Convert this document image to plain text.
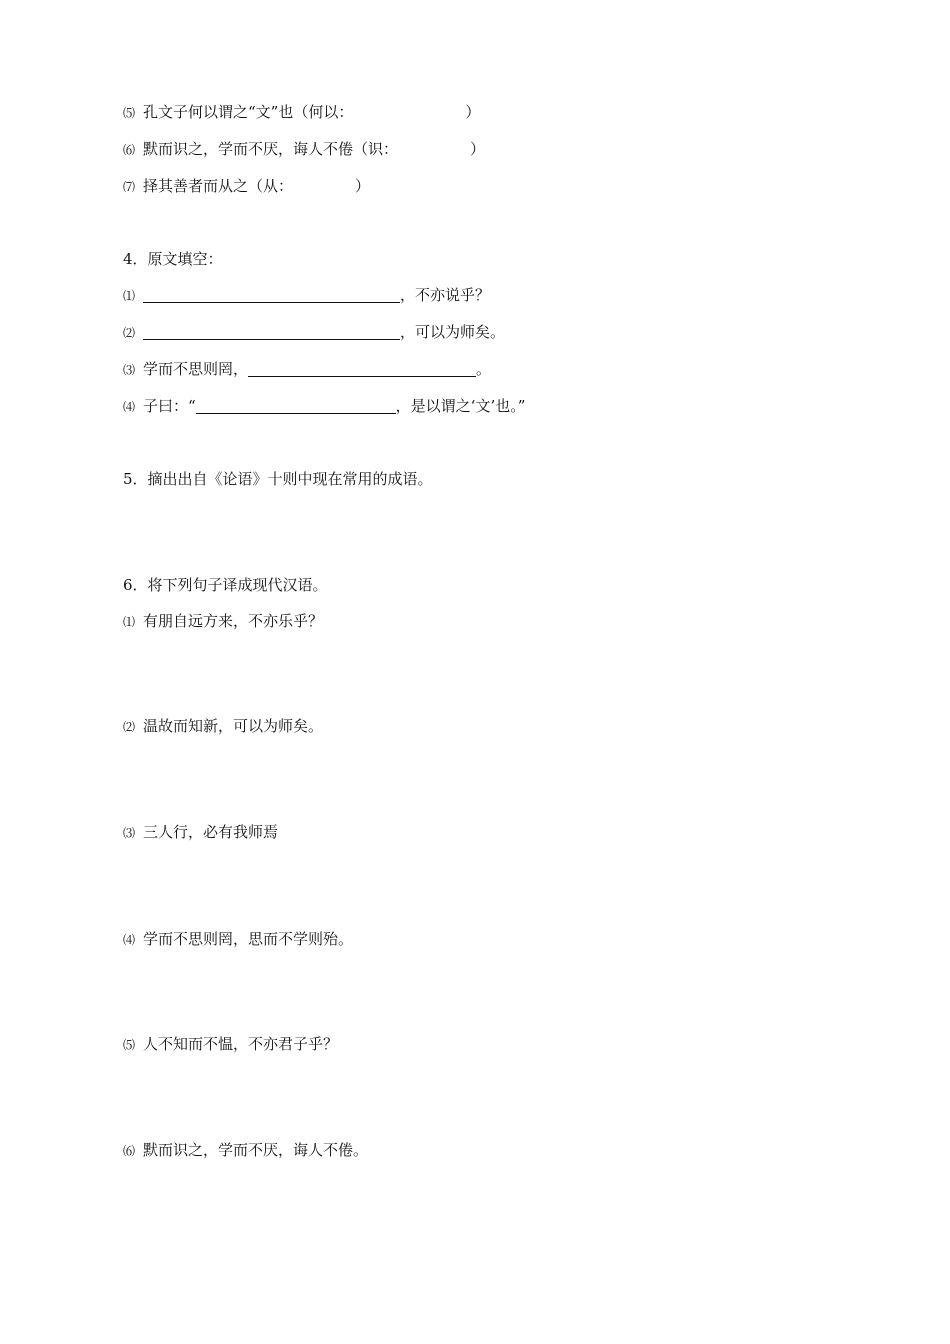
⑸ 孔文子何以谓之“文”也（何以：	）
⑹ 默而识之，学而不厌，诲人不倦（识：	）
⑺ 择其善者而从之（从：	）
4．原文填空：
⑴	，不亦说乎？
⑵	，可以为师矣。
⑶ 学而不思则罔，	。
⑷ 子曰：“	，是以谓之‘文’也。”
5．摘出出自《论语》十则中现在常用的成语。
6．将下列句子译成现代汉语。
⑴ 有朋自远方来，不亦乐乎？
⑵ 温故而知新，可以为师矣。
⑶ 三人行，必有我师焉
⑷ 学而不思则罔，思而不学则殆。
⑸ 人不知而不愠，不亦君子乎？
⑹ 默而识之，学而不厌，诲人不倦。
